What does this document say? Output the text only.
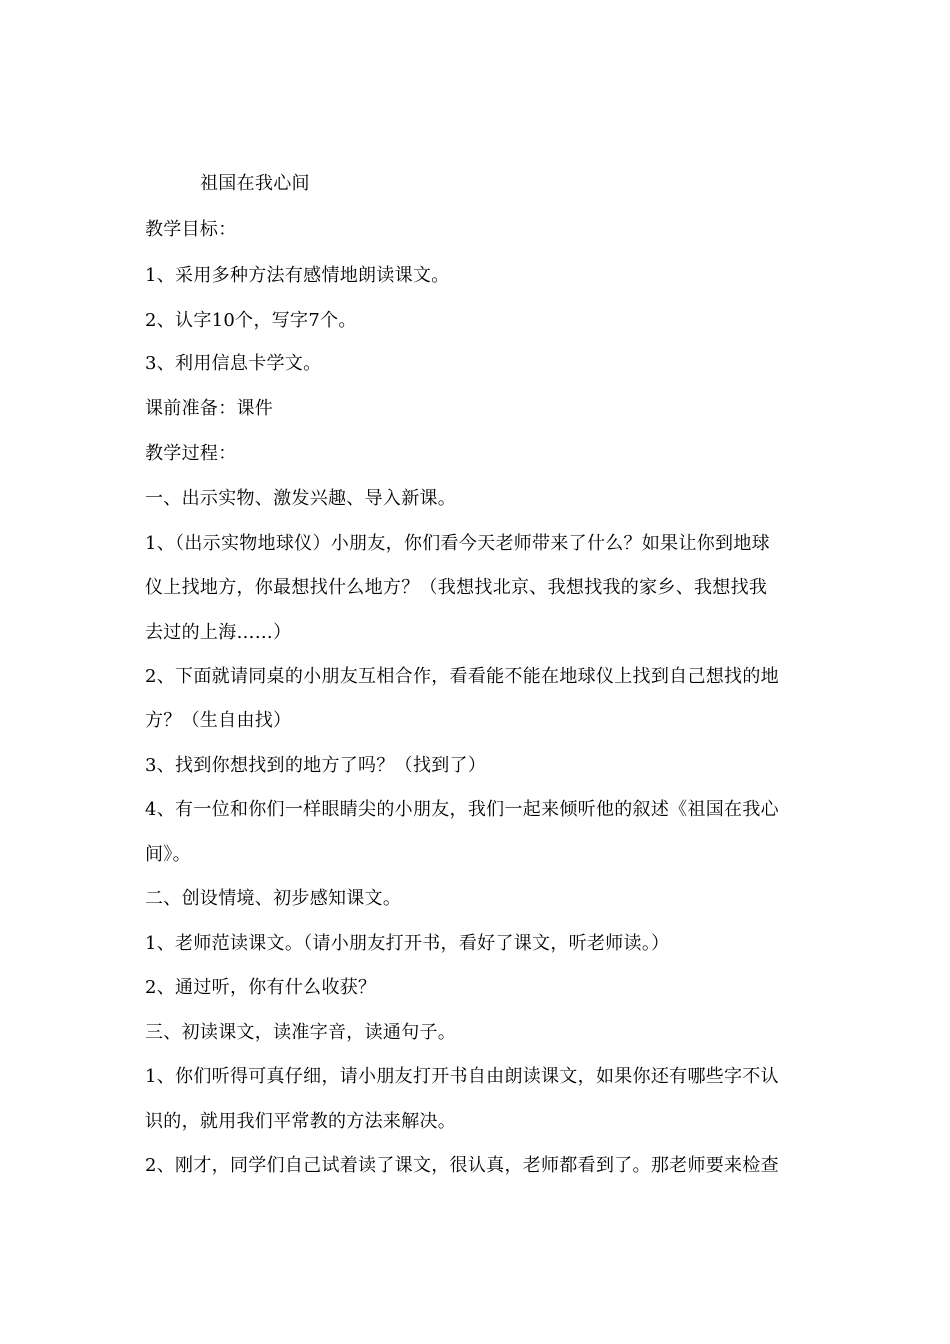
祖国在我心间
教学目标：
1、采用多种方法有感情地朗读课文。
2、认字10个，写字7个。
3、利用信息卡学文。
课前准备：课件
教学过程：
一、出示实物、激发兴趣、导入新课。
1、（出示实物地球仪）小朋友，你们看今天老师带来了什么？如果让你到地球
仪上找地方，你最想找什么地方？（我想找北京、我想找我的家乡、我想找我
去过的上海……）
2、下面就请同桌的小朋友互相合作，看看能不能在地球仪上找到自己想找的地
方？（生自由找）
3、找到你想找到的地方了吗？（找到了）
4、有一位和你们一样眼睛尖的小朋友，我们一起来倾听他的叙述《祖国在我心
间》。
二、创设情境、初步感知课文。
1、老师范读课文。（请小朋友打开书，看好了课文，听老师读。）
2、通过听，你有什么收获？
三、初读课文，读准字音，读通句子。
1、你们听得可真仔细，请小朋友打开书自由朗读课文，如果你还有哪些字不认
识的，就用我们平常教的方法来解决。
2、刚才，同学们自己试着读了课文，很认真，老师都看到了。那老师要来检查
